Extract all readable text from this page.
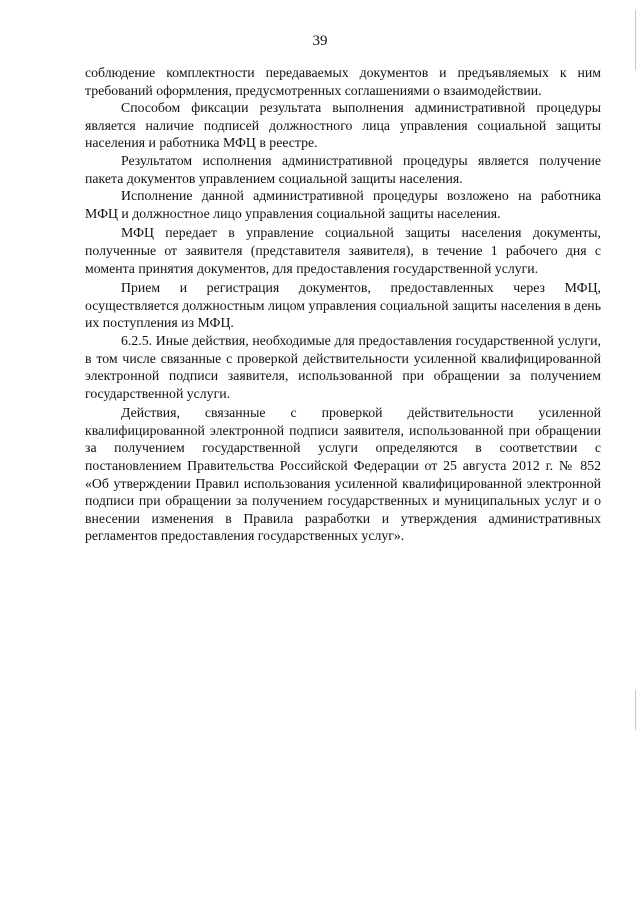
39

соблюдение комплектности передаваемых документов и предъявляемых к ним требований оформления, предусмотренных соглашениями о взаимодействии.

Способом фиксации результата выполнения административной процедуры является наличие подписей должностного лица управления социальной защиты населения и работника МФЦ в реестре.

Результатом исполнения административной процедуры является получение пакета документов управлением социальной защиты населения.

Исполнение данной административной процедуры возложено на работника МФЦ и должностное лицо управления социальной защиты населения.

МФЦ передает в управление социальной защиты населения документы, полученные от заявителя (представителя заявителя), в течение 1 рабочего дня с момента принятия документов, для предоставления государственной услуги.

Прием и регистрация документов, предоставленных через МФЦ, осуществляется должностным лицом управления социальной защиты населения в день их поступления из МФЦ.

6.2.5. Иные действия, необходимые для предоставления государственной услуги, в том числе связанные с проверкой действительности усиленной квалифицированной электронной подписи заявителя, использованной при обращении за получением государственной услуги.

Действия, связанные с проверкой действительности усиленной квалифицированной электронной подписи заявителя, использованной при обращении за получением государственной услуги определяются в соответствии с постановлением Правительства Российской Федерации от 25 августа 2012 г. № 852 «Об утверждении Правил использования усиленной квалифицированной электронной подписи при обращении за получением государственных и муниципальных услуг и о внесении изменения в Правила разработки и утверждения административных регламентов предоставления государственных услуг».
